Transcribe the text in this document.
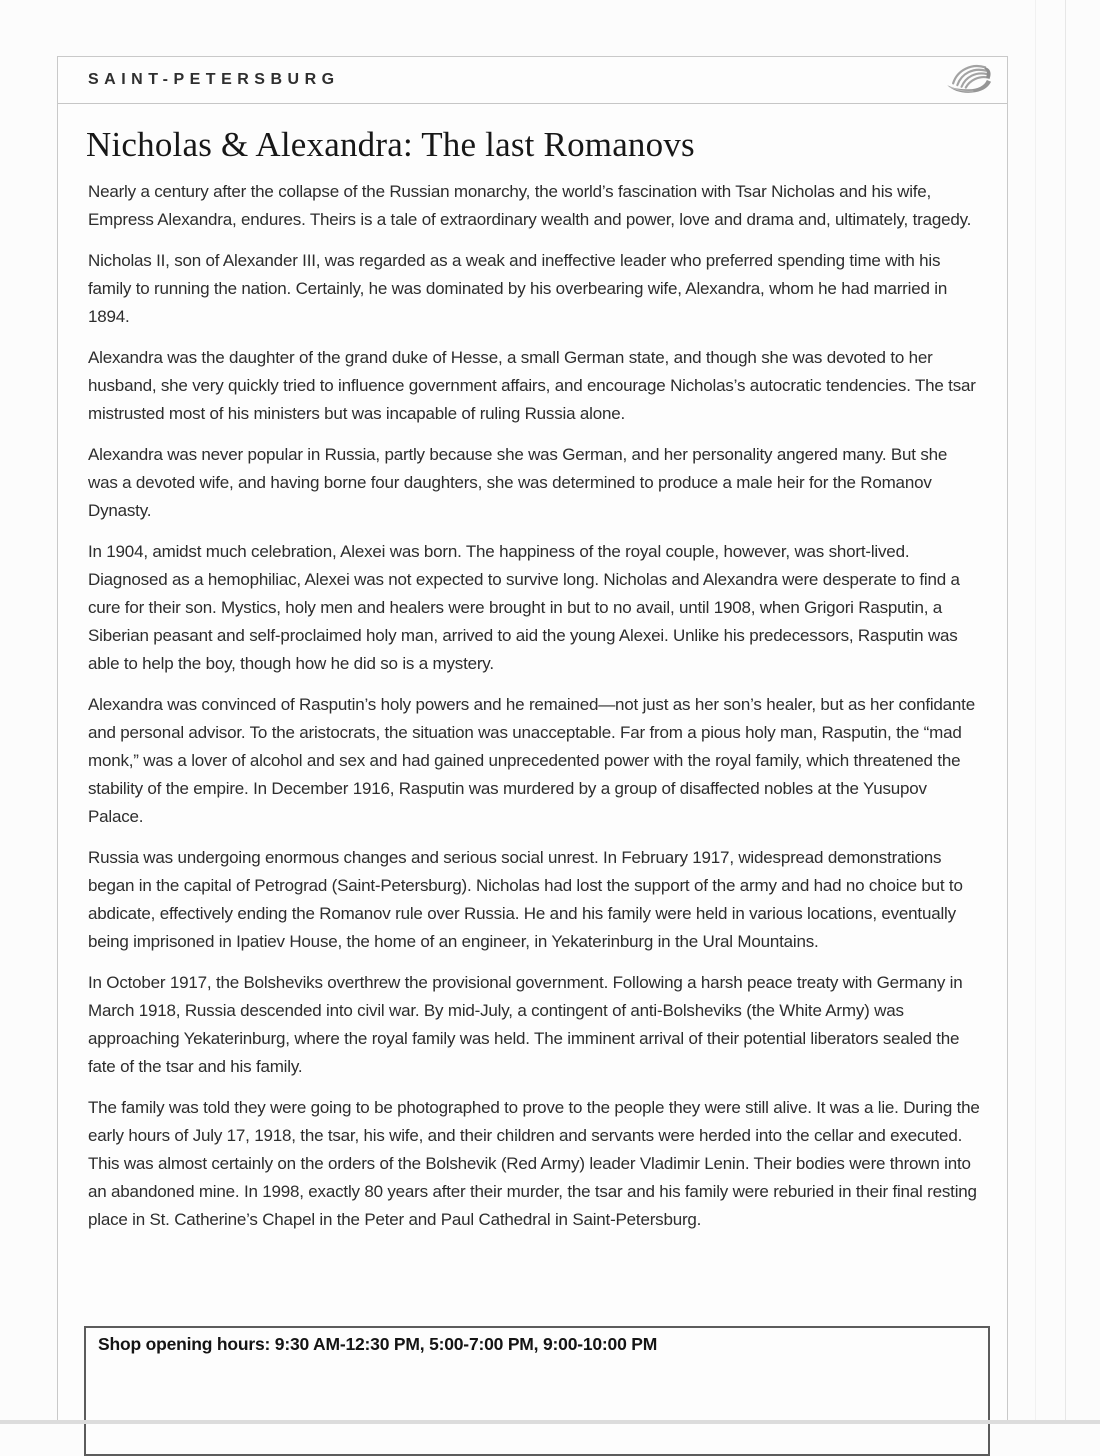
SAINT-PETERSBURG
Nicholas & Alexandra: The last Romanovs

Nearly a century after the collapse of the Russian monarchy, the world’s fascination with Tsar Nicholas and his wife, Empress Alexandra, endures. Theirs is a tale of extraordinary wealth and power, love and drama and, ultimately, tragedy.

Nicholas II, son of Alexander III, was regarded as a weak and ineffective leader who preferred spending time with his family to running the nation. Certainly, he was dominated by his overbearing wife, Alexandra, whom he had married in 1894.

Alexandra was the daughter of the grand duke of Hesse, a small German state, and though she was devoted to her husband, she very quickly tried to influence government affairs, and encourage Nicholas’s autocratic tendencies. The tsar mistrusted most of his ministers but was incapable of ruling Russia alone.

Alexandra was never popular in Russia, partly because she was German, and her personality angered many. But she was a devoted wife, and having borne four daughters, she was determined to produce a male heir for the Romanov Dynasty.

In 1904, amidst much celebration, Alexei was born. The happiness of the royal couple, however, was short-lived. Diagnosed as a hemophiliac, Alexei was not expected to survive long. Nicholas and Alexandra were desperate to find a cure for their son. Mystics, holy men and healers were brought in but to no avail, until 1908, when Grigori Rasputin, a Siberian peasant and self-proclaimed holy man, arrived to aid the young Alexei. Unlike his predecessors, Rasputin was able to help the boy, though how he did so is a mystery.

Alexandra was convinced of Rasputin’s holy powers and he remained—not just as her son’s healer, but as her confidante and personal advisor. To the aristocrats, the situation was unacceptable. Far from a pious holy man, Rasputin, the “mad monk,” was a lover of alcohol and sex and had gained unprecedented power with the royal family, which threatened the stability of the empire. In December 1916, Rasputin was murdered by a group of disaffected nobles at the Yusupov Palace.

Russia was undergoing enormous changes and serious social unrest. In February 1917, widespread demonstrations began in the capital of Petrograd (Saint-Petersburg). Nicholas had lost the support of the army and had no choice but to abdicate, effectively ending the Romanov rule over Russia. He and his family were held in various locations, eventually being imprisoned in Ipatiev House, the home of an engineer, in Yekaterinburg in the Ural Mountains.

In October 1917, the Bolsheviks overthrew the provisional government. Following a harsh peace treaty with Germany in March 1918, Russia descended into civil war. By mid-July, a contingent of anti-Bolsheviks (the White Army) was approaching Yekaterinburg, where the royal family was held. The imminent arrival of their potential liberators sealed the fate of the tsar and his family.

The family was told they were going to be photographed to prove to the people they were still alive. It was a lie. During the early hours of July 17, 1918, the tsar, his wife, and their children and servants were herded into the cellar and executed. This was almost certainly on the orders of the Bolshevik (Red Army) leader Vladimir Lenin. Their bodies were thrown into an abandoned mine. In 1998, exactly 80 years after their murder, the tsar and his family were reburied in their final resting place in St. Catherine’s Chapel in the Peter and Paul Cathedral in Saint-Petersburg.

Shop opening hours: 9:30 AM-12:30 PM, 5:00-7:00 PM, 9:00-10:00 PM
